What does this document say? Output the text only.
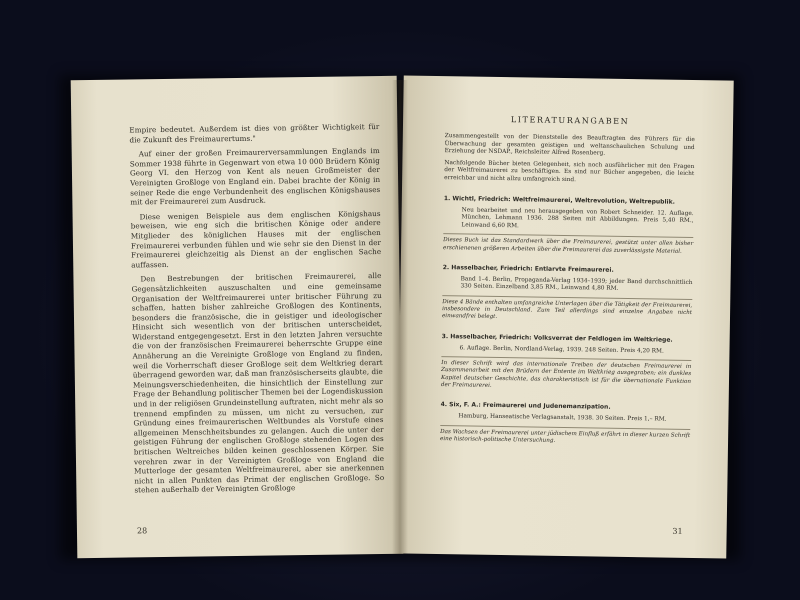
Empire bedeutet. Außerdem ist dies von größter Wichtigkeit für die Zukunft des Freimaurertums."

Auf einer der großen Freimaurerversammlungen Englands im Sommer 1938 führte in Gegenwart von etwa 10 000 Brüdern König Georg VI. den Herzog von Kent als neuen Großmeister der Vereinigten Großloge von England ein. Dabei brachte der König in seiner Rede die enge Verbundenheit des englischen Königshauses mit der Freimaurerei zum Ausdruck.

Diese wenigen Beispiele aus dem englischen Königshaus beweisen, wie eng sich die britischen Könige oder andere Mitglieder des königlichen Hauses mit der englischen Freimaurerei verbunden fühlen und wie sehr sie den Dienst in der Freimaurerei gleichzeitig als Dienst an der englischen Sache auffassen.

Den Bestrebungen der britischen Freimaurerei, alle Gegensätzlichkeiten auszuschalten und eine gemeinsame Organisation der Weltfreimaurerei unter britischer Führung zu schaffen, hatten bisher zahlreiche Großlogen des Kontinents, besonders die französische, die in geistiger und ideologischer Hinsicht sich wesentlich von der britischen unterscheidet, Widerstand entgegengesetzt. Erst in den letzten Jahren versuchte die von der französischen Freimaurerei beherrschte Gruppe eine Annäherung an die Vereinigte Großloge von England zu finden, weil die Vorherrschaft dieser Großloge seit dem Weltkrieg derart überragend geworden war, daß man französischerseits glaubte, die Meinungsverschiedenheiten, die hinsichtlich der Einstellung zur Frage der Behandlung politischer Themen bei der Logendiskussion und in der religiösen Grundeinstellung auftraten, nicht mehr als so trennend empfinden zu müssen, um nicht zu versuchen, zur Gründung eines freimaurerischen Weltbundes als Vorstufe eines allgemeinen Menschheitsbundes zu gelangen. Auch die unter der geistigen Führung der englischen Großloge stehenden Logen des britischen Weltreiches bilden keinen geschlossenen Körper. Sie verehren zwar in der Vereinigten Großloge von England die Mutterloge der gesamten Weltfreimaurerei, aber sie anerkennen nicht in allen Punkten das Primat der englischen Großloge. So stehen außerhalb der Vereinigten Großloge

28
LITERATURANGABEN

Zusammengestellt von der Dienststelle des Beauftragten des Führers für die Überwachung der gesamten geistigen und weltanschaulichen Schulung und Erziehung der NSDAP., Reichsleiter Alfred Rosenberg.

Nachfolgende Bücher bieten Gelegenheit, sich noch ausführlicher mit den Fragen der Weltfreimaurerei zu beschäftigen. Es sind nur Bücher angegeben, die leicht erreichbar und nicht allzu umfangreich sind.

1. Wichtl, Friedrich: Weltfreimaurerei, Weltrevolution, Weltrepublik.
Neu bearbeitet und neu herausgegeben von Robert Schneider. 12. Auflage. München, Lehmann 1936. 288 Seiten mit Abbildungen. Preis 5,40 RM., Leinwand 6,60 RM.

Dieses Buch ist das Standardwerk über die Freimaurerei, gestützt unter allen bisher erschienenen größeren Arbeiten über die Freimaurerei das zuverlässigste Material.

2. Hasselbacher, Friedrich: Entlarvte Freimaurerei.
Band 1–4. Berlin, Propaganda-Verlag 1934–1939; jeder Band durchschnittlich 330 Seiten. Einzelband 3,85 RM., Leinwand 4,80 RM.

Diese 4 Bände enthalten umfangreiche Unterlagen über die Tätigkeit der Freimaurerei, insbesondere in Deutschland. Zum Teil allerdings sind einzelne Angaben nicht einwandfrei belegt.

3. Hasselbacher, Friedrich: Volksverrat der Feldlogen im Weltkriege.
6. Auflage. Berlin, Nordland-Verlag, 1939. 248 Seiten. Preis 4,20 RM.

In dieser Schrift wird das internationale Treiben der deutschen Freimaurerei in Zusammenarbeit mit den Brüdern der Entente im Weltkrieg ausgegraben; ein dunkles Kapitel deutscher Geschichte, das charakteristisch ist für die übernationale Funktion der Freimaurerei.

4. Six, F. A.: Freimaurerei und Judenemanzipation.
Hamburg, Hanseatische Verlagsanstalt, 1938. 30 Seiten. Preis 1,– RM.

Das Wachsen der Freimaurerei unter jüdischem Einfluß erfährt in dieser kurzen Schrift eine historisch-politische Untersuchung.

31
